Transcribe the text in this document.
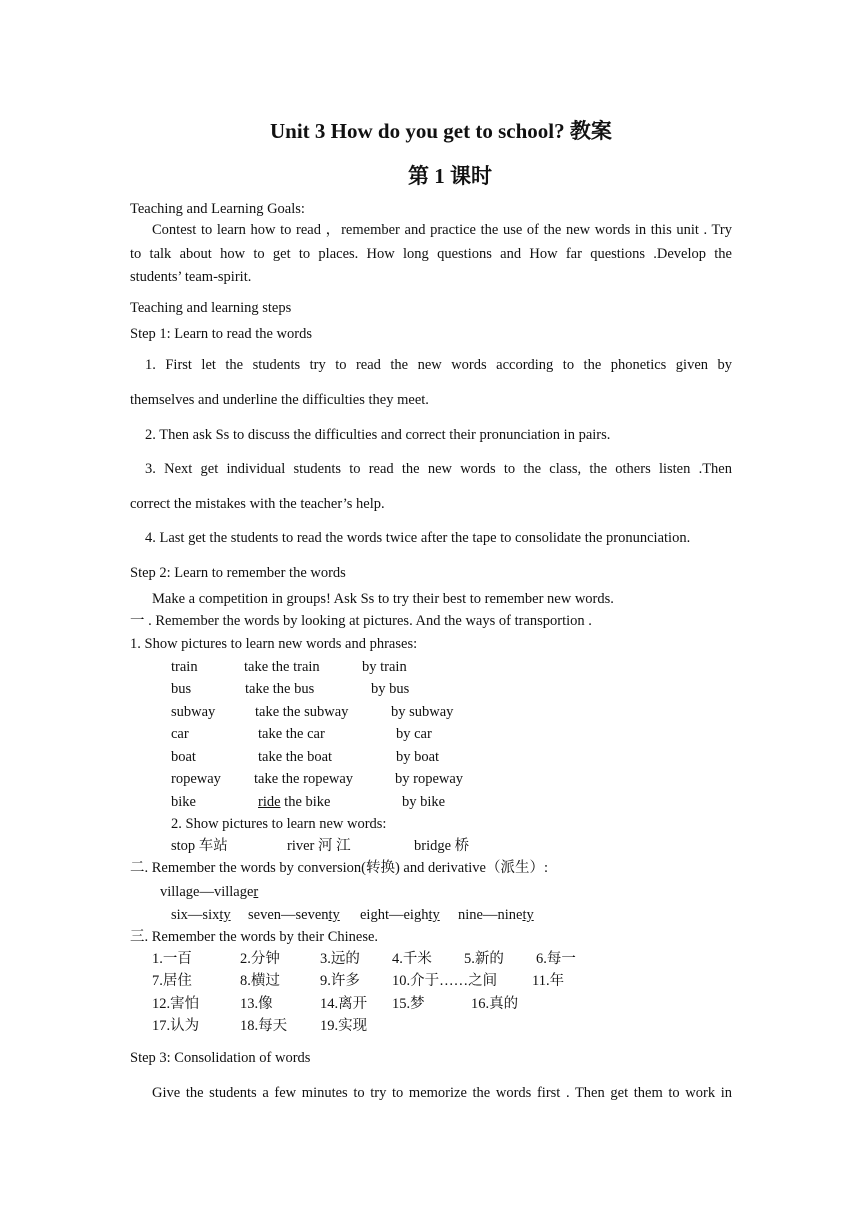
Unit 3 How do you get to school? 教案
第 1 课时
Teaching and Learning Goals:
Contest to learn how to read ，remember and practice the use of the new words in this unit . Try
to talk about how to get to places. How long questions and How far questions .Develop the
students’ team-spirit.
Teaching and learning steps
Step 1: Learn to read the words
1. First let the students try to read the new words according to the phonetics given by
themselves and underline the difficulties they meet.
2. Then ask Ss to discuss the difficulties and correct their pronunciation in pairs.
3. Next get individual students to read the new words to the class, the others listen .Then
correct the mistakes with the teacher’s help.
4. Last get the students to read the words twice after the tape to consolidate the pronunciation.
Step 2: Learn to remember the words
Make a competition in groups! Ask Ss to try their best to remember new words.
一 . Remember the words by looking at pictures. And the ways of transportion .
1. Show pictures to learn new words and phrases:
train	take the train	by train
bus	take the bus	by bus
subway	take the subway	by subway
car	take the car	by car
boat	take the boat	by boat
ropeway take the ropeway	by ropeway
bike	ride the bike	by bike
2. Show pictures to learn new words:
stop 车站	river 河 江	bridge 桥
二. Remember the words by conversion(转换) and derivative（派生）:
village—villager
six—sixty seven—seventy eight—eighty nine—ninety
三. Remember the words by their Chinese.
1.一百	2.分钟	3.远的 4.千米 5.新的 6.每一
7.居住	8.横过	9.许多 10.介于……之间 11.年
12.害怕	13.像	14.离开 15.梦	16.真的
17.认为	18.每天 19.实现
Step 3: Consolidation of words
Give the students a few minutes to try to memorize the words first . Then get them to work in
